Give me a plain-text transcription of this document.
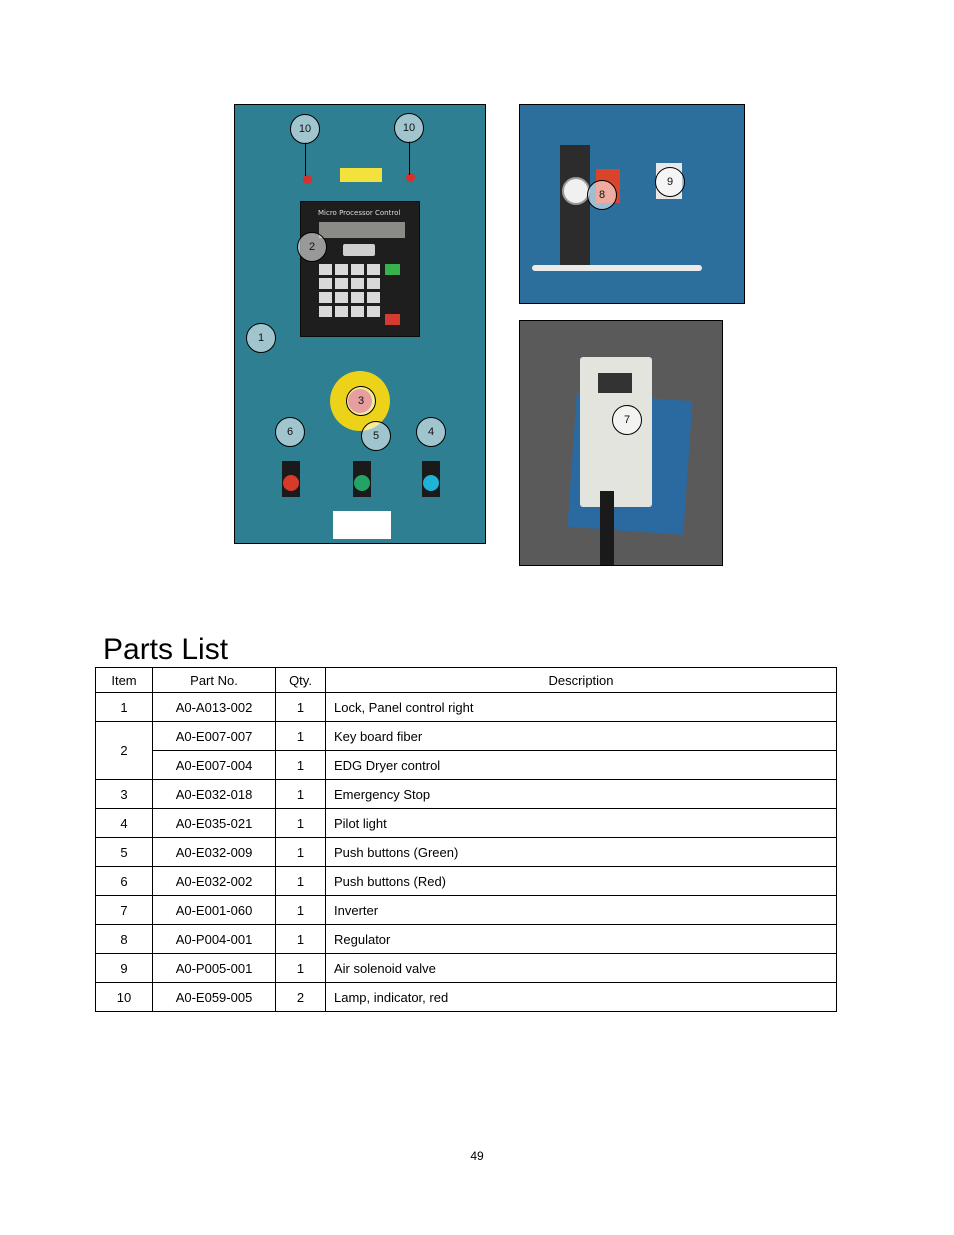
Micro Processor Control
10	10
2
1
3
6	5	4
8
9
7
Parts List
Item	Part No.	Qty.	Description
1	A0-A013-002	1	Lock, Panel control right
2	A0-E007-007	1	Key board fiber
	A0-E007-004	1	EDG Dryer control
3	A0-E032-018	1	Emergency Stop
4	A0-E035-021	1	Pilot light
5	A0-E032-009	1	Push buttons (Green)
6	A0-E032-002	1	Push buttons (Red)
7	A0-E001-060	1	Inverter
8	A0-P004-001	1	Regulator
9	A0-P005-001	1	Air solenoid valve
10	A0-E059-005	2	Lamp, indicator, red
49
